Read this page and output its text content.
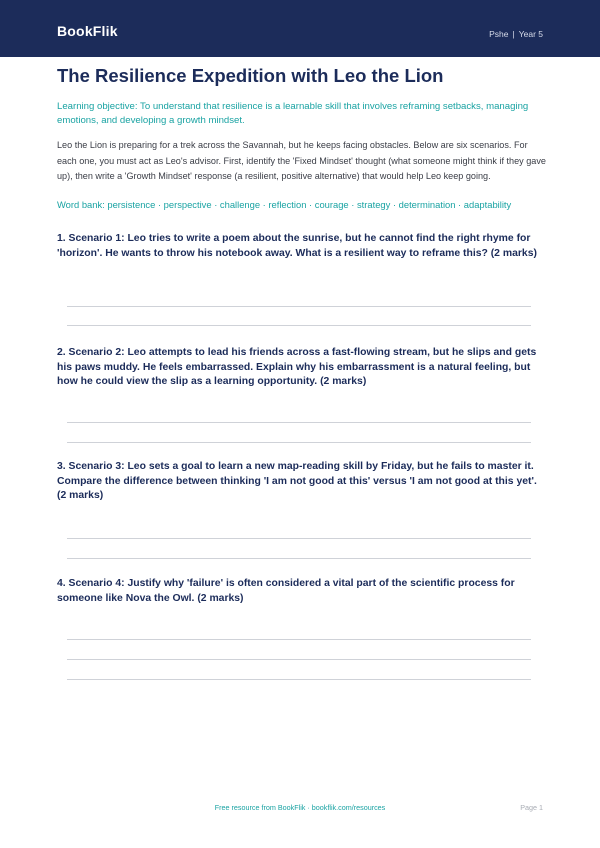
BookFlik	Pshe | Year 5
The Resilience Expedition with Leo the Lion

Learning objective: To understand that resilience is a learnable skill that involves reframing setbacks, managing emotions, and developing a growth mindset.

Leo the Lion is preparing for a trek across the Savannah, but he keeps facing obstacles. Below are six scenarios. For each one, you must act as Leo's advisor. First, identify the 'Fixed Mindset' thought (what someone might think if they gave up), then write a 'Growth Mindset' response (a resilient, positive alternative) that would help Leo keep going.

Word bank: persistence · perspective · challenge · reflection · courage · strategy · determination · adaptability

1. Scenario 1: Leo tries to write a poem about the sunrise, but he cannot find the right rhyme for 'horizon'. He wants to throw his notebook away. What is a resilient way to reframe this? (2 marks)

2. Scenario 2: Leo attempts to lead his friends across a fast-flowing stream, but he slips and gets his paws muddy. He feels embarrassed. Explain why his embarrassment is a natural feeling, but how he could view the slip as a learning opportunity. (2 marks)

3. Scenario 3: Leo sets a goal to learn a new map-reading skill by Friday, but he fails to master it. Compare the difference between thinking 'I am not good at this' versus 'I am not good at this yet'. (2 marks)

4. Scenario 4: Justify why 'failure' is often considered a vital part of the scientific process for someone like Nova the Owl. (2 marks)

Free resource from BookFlik · bookflik.com/resources	Page 1
